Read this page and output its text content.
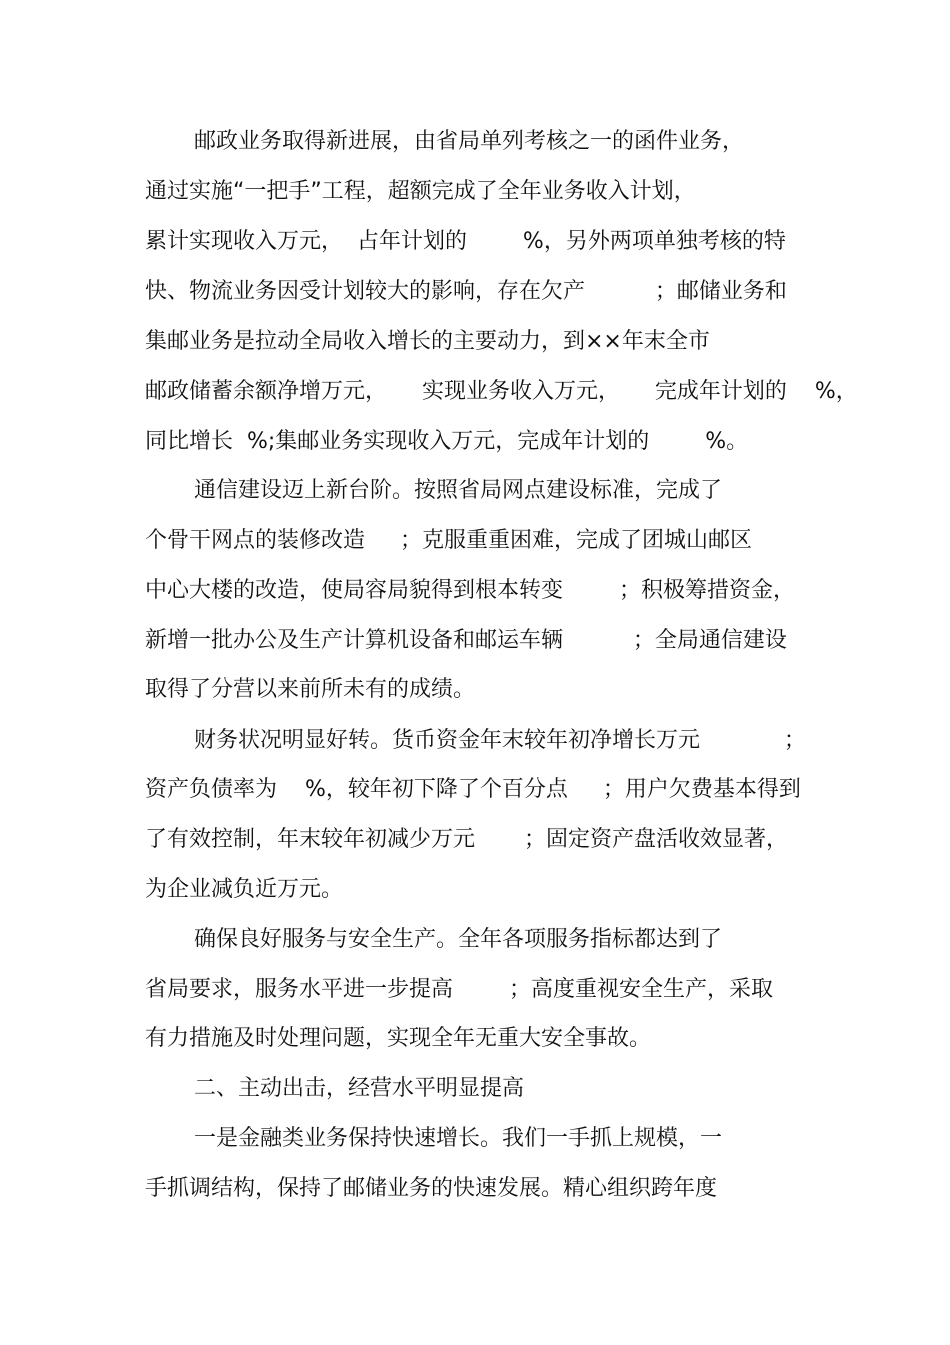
邮政业务取得新进展，由省局单列考核之一的函件业务，
通过实施“一把手”工程，超额完成了全年业务收入计划，
累计实现收入万元，  占年计划的        %，另外两项单独考核的特
快、物流业务因受计划较大的影响，存在欠产          ；邮储业务和
集邮业务是拉动全局收入增长的主要动力，到××年末全市
邮政储蓄余额净增万元，     实现业务收入万元，     完成年计划的    %，
同比增长  %;集邮业务实现收入万元，完成年计划的        %。
通信建设迈上新台阶。按照省局网点建设标准，完成了
个骨干网点的装修改造     ；克服重重困难，完成了团城山邮区
中心大楼的改造，使局容局貌得到根本转变        ；积极筹措资金，
新增一批办公及生产计算机设备和邮运车辆          ；全局通信建设
取得了分营以来前所未有的成绩。
财务状况明显好转。货币资金年末较年初净增长万元            ；
资产负债率为    %，较年初下降了个百分点     ；用户欠费基本得到
了有效控制，年末较年初减少万元       ；固定资产盘活收效显著，
为企业减负近万元。
确保良好服务与安全生产。全年各项服务指标都达到了
省局要求，服务水平进一步提高        ；高度重视安全生产，采取
有力措施及时处理问题，实现全年无重大安全事故。
二、主动出击，经营水平明显提高
一是金融类业务保持快速增长。我们一手抓上规模，一
手抓调结构，保持了邮储业务的快速发展。精心组织跨年度
